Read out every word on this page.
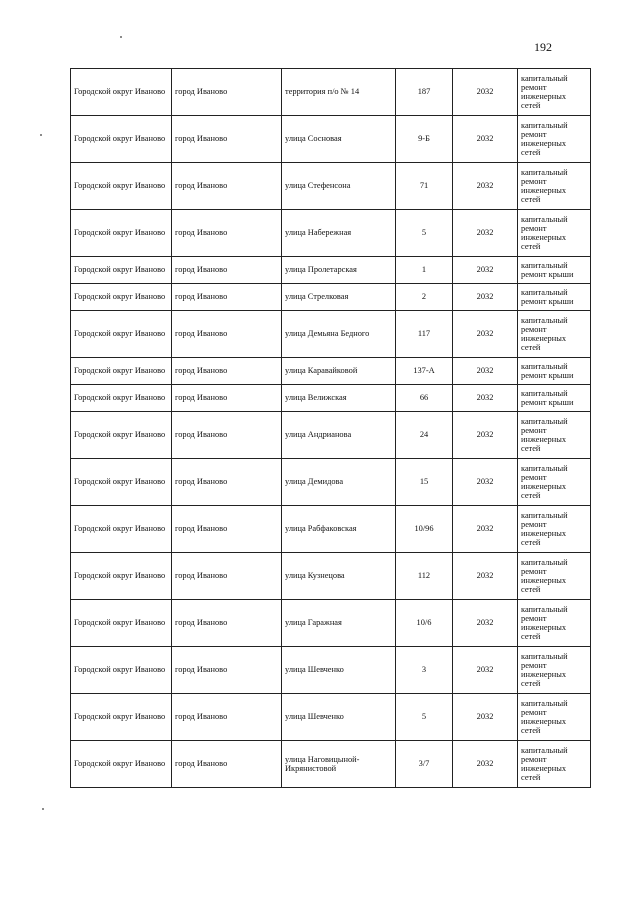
192
Городской округ Иваново	город Иваново	территория п/о № 14	187	2032	капитальный ремонт инженерных сетей
Городской округ Иваново	город Иваново	улица Сосновая	9-Б	2032	капитальный ремонт инженерных сетей
Городской округ Иваново	город Иваново	улица Стефенсона	71	2032	капитальный ремонт инженерных сетей
Городской округ Иваново	город Иваново	улица Набережная	5	2032	капитальный ремонт инженерных сетей
Городской округ Иваново	город Иваново	улица Пролетарская	1	2032	капитальный ремонт крыши
Городской округ Иваново	город Иваново	улица Стрелковая	2	2032	капитальный ремонт крыши
Городской округ Иваново	город Иваново	улица Демьяна Бедного	117	2032	капитальный ремонт инженерных сетей
Городской округ Иваново	город Иваново	улица Каравайковой	137-А	2032	капитальный ремонт крыши
Городской округ Иваново	город Иваново	улица Велижская	66	2032	капитальный ремонт крыши
Городской округ Иваново	город Иваново	улица Андрианова	24	2032	капитальный ремонт инженерных сетей
Городской округ Иваново	город Иваново	улица Демидова	15	2032	капитальный ремонт инженерных сетей
Городской округ Иваново	город Иваново	улица Рабфаковская	10/96	2032	капитальный ремонт инженерных сетей
Городской округ Иваново	город Иваново	улица Кузнецова	112	2032	капитальный ремонт инженерных сетей
Городской округ Иваново	город Иваново	улица Гаражная	10/6	2032	капитальный ремонт инженерных сетей
Городской округ Иваново	город Иваново	улица Шевченко	3	2032	капитальный ремонт инженерных сетей
Городской округ Иваново	город Иваново	улица Шевченко	5	2032	капитальный ремонт инженерных сетей
Городской округ Иваново	город Иваново	улица Наговицыной-Икрянистовой	3/7	2032	капитальный ремонт инженерных сетей
